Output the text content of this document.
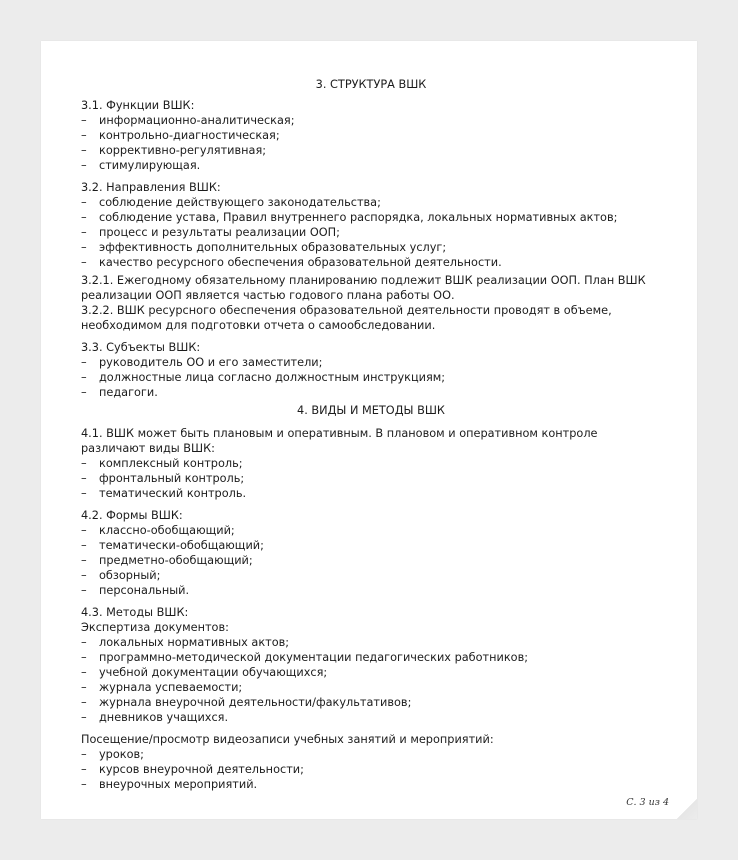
3. СТРУКТУРА ВШК

3.1. Функции ВШК:

– информационно-аналитическая;

– контрольно-диагностическая;

– коррективно-регулятивная;

– стимулирующая.

3.2. Направления ВШК:

– соблюдение действующего законодательства;

– соблюдение устава, Правил внутреннего распорядка, локальных нормативных актов;

– процесс и результаты реализации ООП;

– эффективность дополнительных образовательных услуг;

– качество ресурсного обеспечения образовательной деятельности.

3.2.1. Ежегодному обязательному планированию подлежит ВШК реализации ООП. План ВШК реализации ООП является частью годового плана работы ОО.

3.2.2. ВШК ресурсного обеспечения образовательной деятельности проводят в объеме, необходимом для подготовки отчета о самообследовании.

3.3. Субъекты ВШК:

– руководитель ОО и его заместители;

– должностные лица согласно должностным инструкциям;

– педагоги.

4. ВИДЫ И МЕТОДЫ ВШК

4.1. ВШК может быть плановым и оперативным. В плановом и оперативном контроле различают виды ВШК:

– комплексный контроль;

– фронтальный контроль;

– тематический контроль.

4.2. Формы ВШК:

– классно-обобщающий;

– тематически-обобщающий;

– предметно-обобщающий;

– обзорный;

– персональный.

4.3. Методы ВШК:

Экспертиза документов:

– локальных нормативных актов;

– программно-методической документации педагогических работников;

– учебной документации обучающихся;

– журнала успеваемости;

– журнала внеурочной деятельности/факультативов;

– дневников учащихся.

Посещение/просмотр видеозаписи учебных занятий и мероприятий:

– уроков;

– курсов внеурочной деятельности;

– внеурочных мероприятий.

С. 3 из 4
